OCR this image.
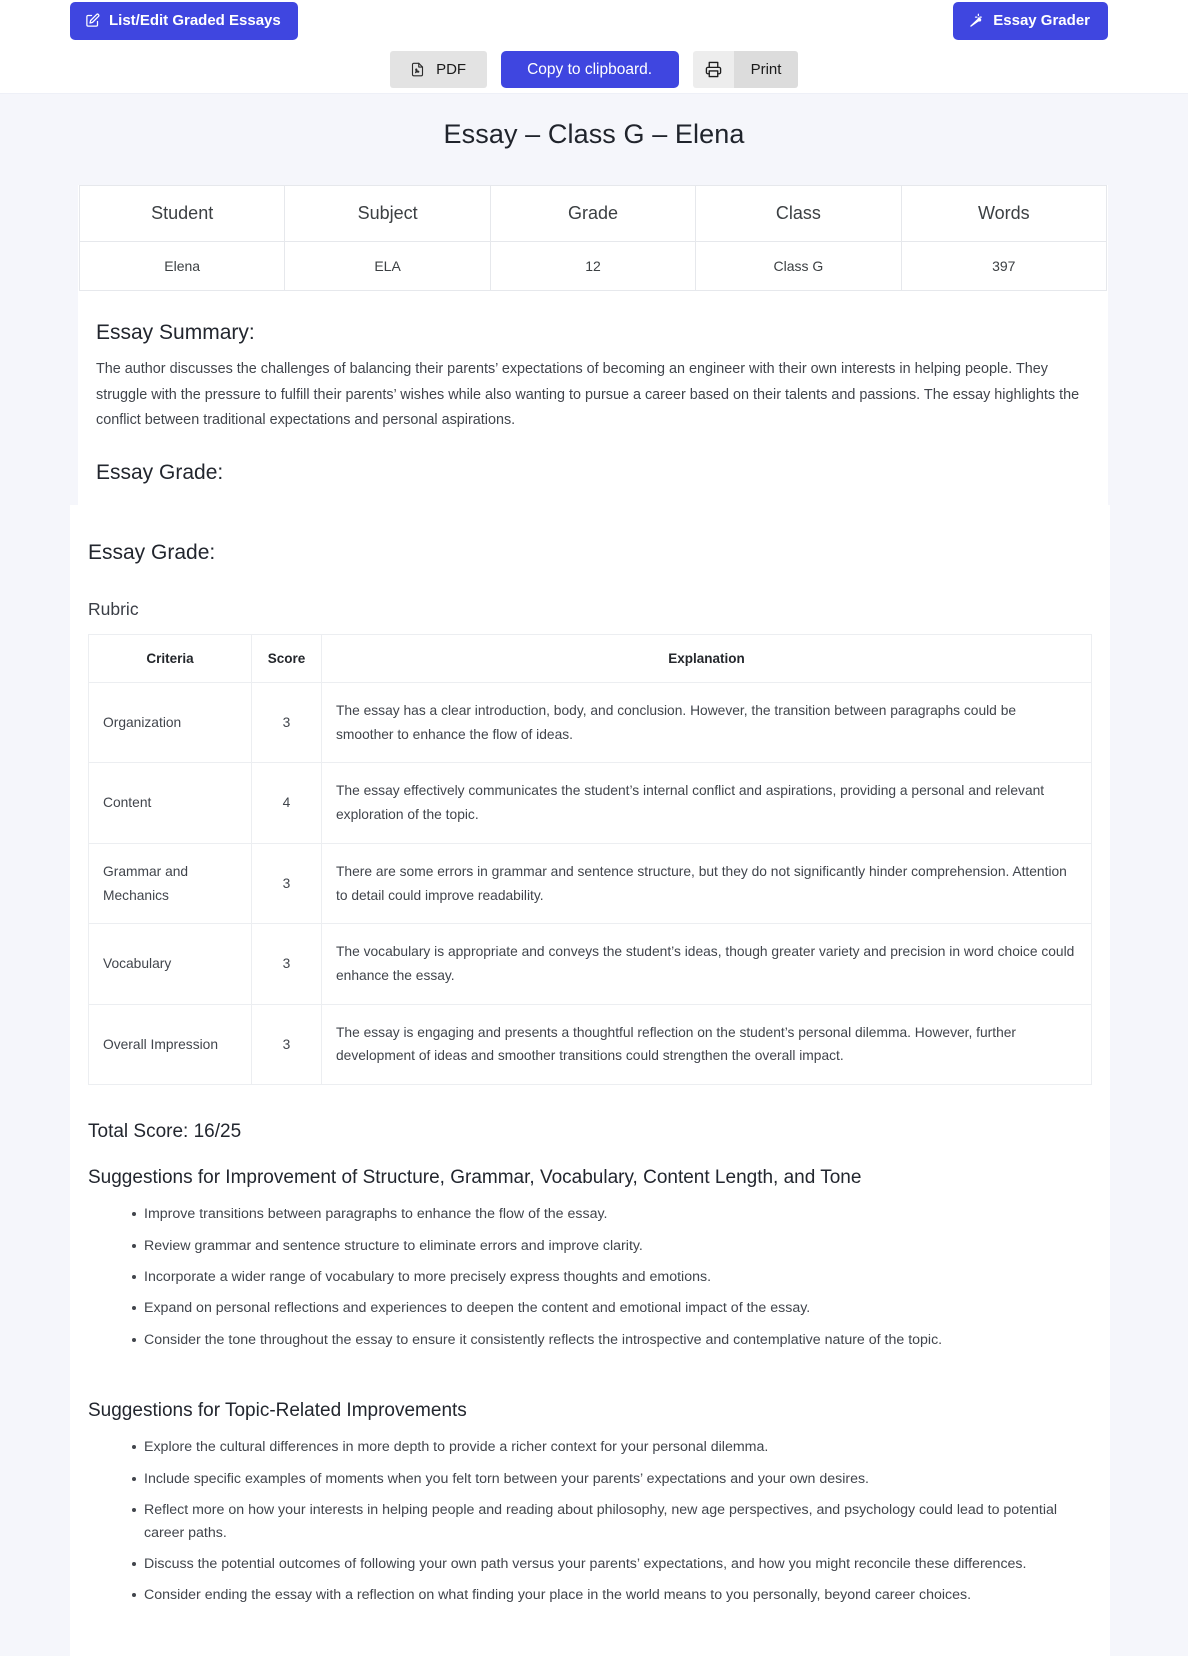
List/Edit Graded Essays	Essay Grader
PDF	Copy to clipboard.	Print
Essay – Class G – Elena
Student	Subject	Grade	Class	Words
Elena	ELA	12	Class G	397
Essay Summary:

The author discusses the challenges of balancing their parents’ expectations of becoming an engineer with their own interests in helping people. They struggle with the pressure to fulfill their parents’ wishes while also wanting to pursue a career based on their talents and passions. The essay highlights the conflict between traditional expectations and personal aspirations.

Essay Grade:
Essay Grade:
Rubric
Criteria	Score	Explanation
Organization	3	The essay has a clear introduction, body, and conclusion. However, the transition between paragraphs could be smoother to enhance the flow of ideas.
Content	4	The essay effectively communicates the student’s internal conflict and aspirations, providing a personal and relevant exploration of the topic.
Grammar and Mechanics	3	There are some errors in grammar and sentence structure, but they do not significantly hinder comprehension. Attention to detail could improve readability.
Vocabulary	3	The vocabulary is appropriate and conveys the student’s ideas, though greater variety and precision in word choice could enhance the essay.
Overall Impression	3	The essay is engaging and presents a thoughtful reflection on the student’s personal dilemma. However, further development of ideas and smoother transitions could strengthen the overall impact.
Total Score: 16/25
Suggestions for Improvement of Structure, Grammar, Vocabulary, Content Length, and Tone
Improve transitions between paragraphs to enhance the flow of the essay.
Review grammar and sentence structure to eliminate errors and improve clarity.
Incorporate a wider range of vocabulary to more precisely express thoughts and emotions.
Expand on personal reflections and experiences to deepen the content and emotional impact of the essay.
Consider the tone throughout the essay to ensure it consistently reflects the introspective and contemplative nature of the topic.
Suggestions for Topic-Related Improvements
Explore the cultural differences in more depth to provide a richer context for your personal dilemma.
Include specific examples of moments when you felt torn between your parents’ expectations and your own desires.
Reflect more on how your interests in helping people and reading about philosophy, new age perspectives, and psychology could lead to potential career paths.
Discuss the potential outcomes of following your own path versus your parents’ expectations, and how you might reconcile these differences.
Consider ending the essay with a reflection on what finding your place in the world means to you personally, beyond career choices.
